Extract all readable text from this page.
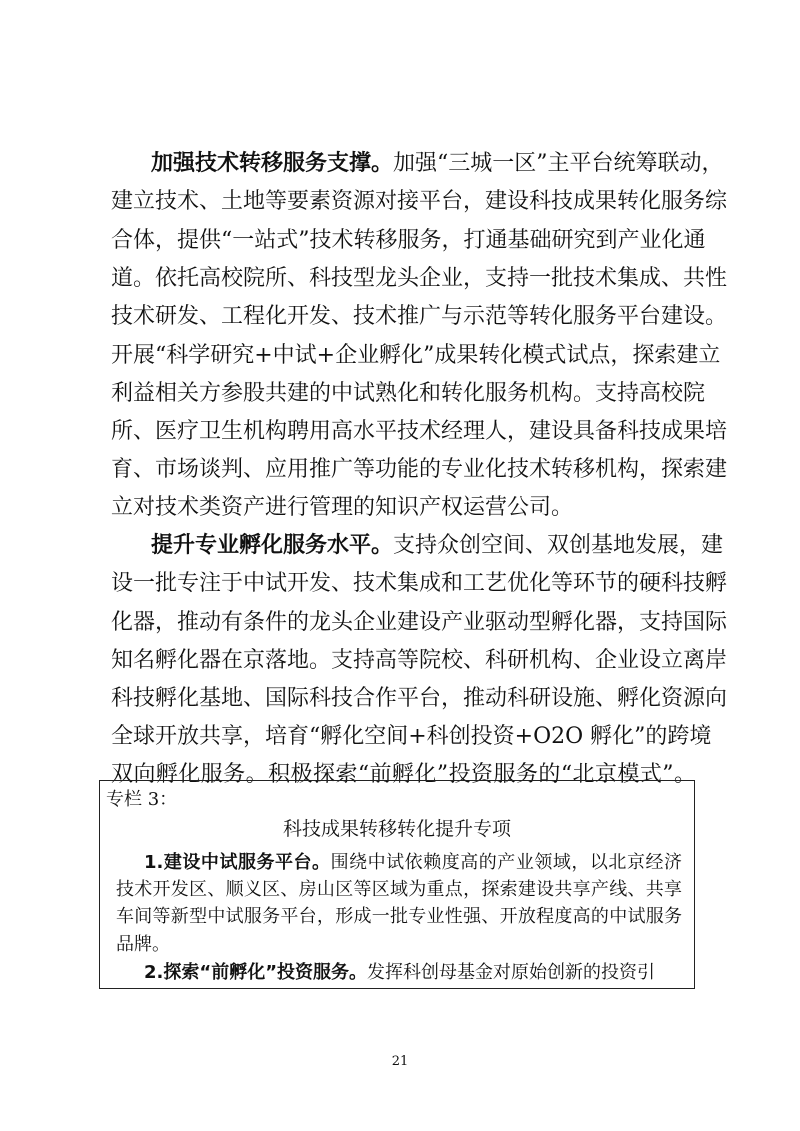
加强技术转移服务支撑。加强“三城一区”主平台统筹联动，
建立技术、土地等要素资源对接平台，建设科技成果转化服务综
合体，提供“一站式”技术转移服务，打通基础研究到产业化通
道。依托高校院所、科技型龙头企业，支持一批技术集成、共性
技术研发、工程化开发、技术推广与示范等转化服务平台建设。
开展“科学研究+中试+企业孵化”成果转化模式试点，探索建立
利益相关方参股共建的中试熟化和转化服务机构。支持高校院
所、医疗卫生机构聘用高水平技术经理人，建设具备科技成果培
育、市场谈判、应用推广等功能的专业化技术转移机构，探索建
立对技术类资产进行管理的知识产权运营公司。
提升专业孵化服务水平。支持众创空间、双创基地发展，建
设一批专注于中试开发、技术集成和工艺优化等环节的硬科技孵
化器，推动有条件的龙头企业建设产业驱动型孵化器，支持国际
知名孵化器在京落地。支持高等院校、科研机构、企业设立离岸
科技孵化基地、国际科技合作平台，推动科研设施、孵化资源向
全球开放共享，培育“孵化空间+科创投资+O2O 孵化”的跨境
双向孵化服务。积极探索“前孵化”投资服务的“北京模式”。
专栏 3：
科技成果转移转化提升专项
1.建设中试服务平台。围绕中试依赖度高的产业领域，以北京经济
技术开发区、顺义区、房山区等区域为重点，探索建设共享产线、共享
车间等新型中试服务平台，形成一批专业性强、开放程度高的中试服务
品牌。
2.探索“前孵化”投资服务。发挥科创母基金对原始创新的投资引
21
